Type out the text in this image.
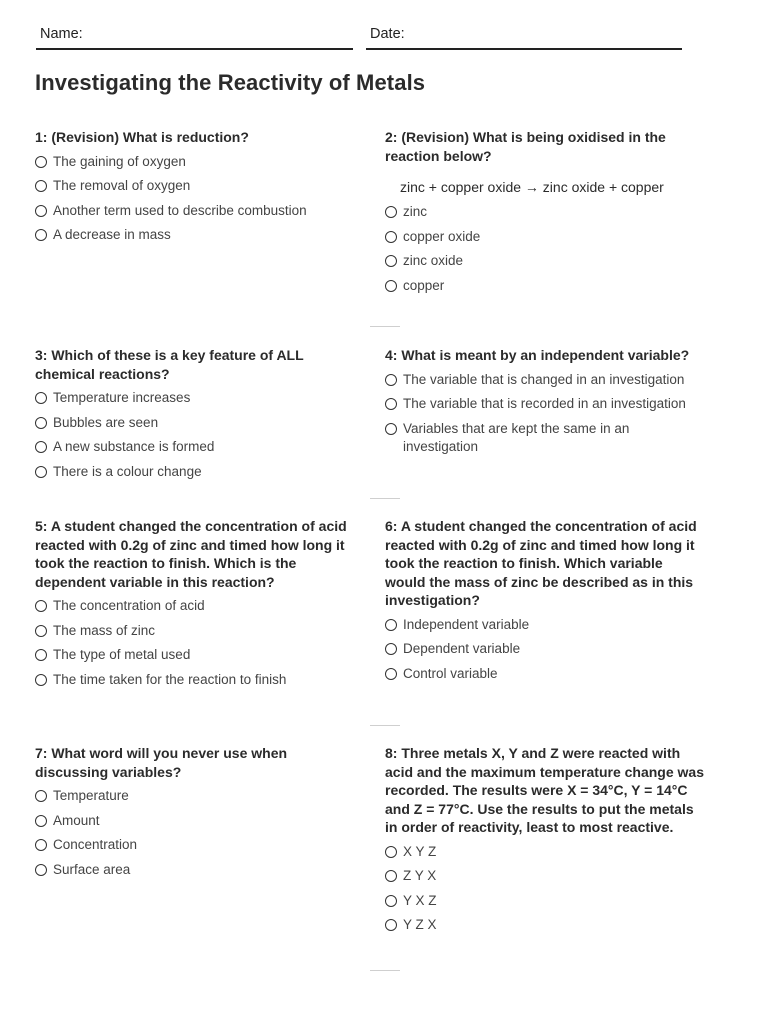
Name:	Date:
Investigating the Reactivity of Metals
1: (Revision) What is reduction?
The gaining of oxygen
The removal of oxygen
Another term used to describe combustion
A decrease in mass
2: (Revision) What is being oxidised in the reaction below?
zinc + copper oxide → zinc oxide + copper
zinc
copper oxide
zinc oxide
copper
3: Which of these is a key feature of ALL chemical reactions?
Temperature increases
Bubbles are seen
A new substance is formed
There is a colour change
4: What is meant by an independent variable?
The variable that is changed in an investigation
The variable that is recorded in an investigation
Variables that are kept the same in an investigation
5: A student changed the concentration of acid reacted with 0.2g of zinc and timed how long it took the reaction to finish. Which is the dependent variable in this reaction?
The concentration of acid
The mass of zinc
The type of metal used
The time taken for the reaction to finish
6: A student changed the concentration of acid reacted with 0.2g of zinc and timed how long it took the reaction to finish. Which variable would the mass of zinc be described as in this investigation?
Independent variable
Dependent variable
Control variable
7: What word will you never use when discussing variables?
Temperature
Amount
Concentration
Surface area
8: Three metals X, Y and Z were reacted with acid and the maximum temperature change was recorded. The results were X = 34°C, Y = 14°C and Z = 77°C. Use the results to put the metals in order of reactivity, least to most reactive.
X Y Z
Z Y X
Y X Z
Y Z X
